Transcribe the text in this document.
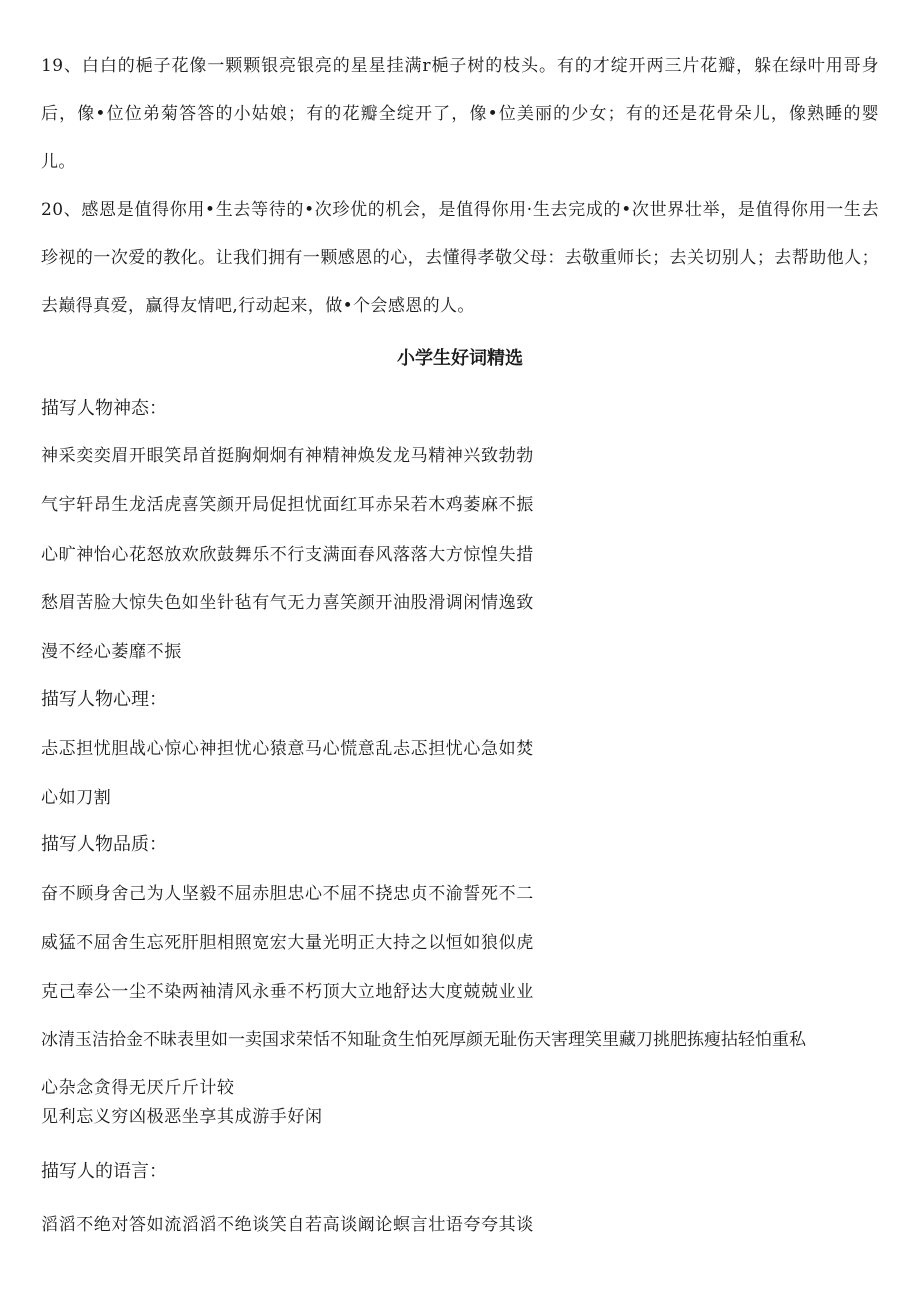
19、白白的梔子花像一颗颗银亮银亮的星星挂满r梔子树的枝头。有的才绽开两三片花瓣，躲在绿叶用哥身后，像•位位弟菊答答的小姑娘；有的花瓣全绽开了，像•位美丽的少女；有的还是花骨朵儿，像熟睡的婴儿。

20、感恩是值得你用•生去等待的•次珍优的机会，是值得你用·生去完成的•次世界壮举，是值得你用一生去珍视的一次爱的教化。让我们拥有一颗感恩的心，去懂得孝敬父母：去敬重师长；去关切别人；去帮助他人；去巅得真爱，赢得友情吧,行动起来，做•个会感恩的人。

小学生好词精选
描写人物神态：

神采奕奕眉开眼笑昂首挺胸炯炯有神精神焕发龙马精神兴致勃勃

气宇轩昂生龙活虎喜笑颜开局促担忧面红耳赤呆若木鸡萎麻不振

心旷神怡心花怒放欢欣鼓舞乐不行支满面春风落落大方惊惶失措

愁眉苦脸大惊失色如坐针毡有气无力喜笑颜开油股滑调闲情逸致

漫不经心萎靡不振

描写人物心理：

忐忑担忧胆战心惊心神担忧心猿意马心慌意乱忐忑担忧心急如焚

心如刀割

描写人物品质：

奋不顾身舍己为人坚毅不屈赤胆忠心不屈不挠忠贞不渝誓死不二

威猛不屈舍生忘死肝胆相照宽宏大量光明正大持之以恒如狼似虎

克己奉公一尘不染两袖清风永垂不朽顶大立地舒达大度兢兢业业

冰清玉洁拾金不昧表里如一卖国求荣恬不知耻贪生怕死厚颜无耻伤天害理笑里藏刀挑肥拣瘦拈轻怕重私

心杂念贪得无厌斤斤计较

见利忘义穷凶极恶坐享其成游手好闲

描写人的语言：

滔滔不绝对答如流滔滔不绝谈笑自若高谈阚论螟言壮语夸夸其谈
